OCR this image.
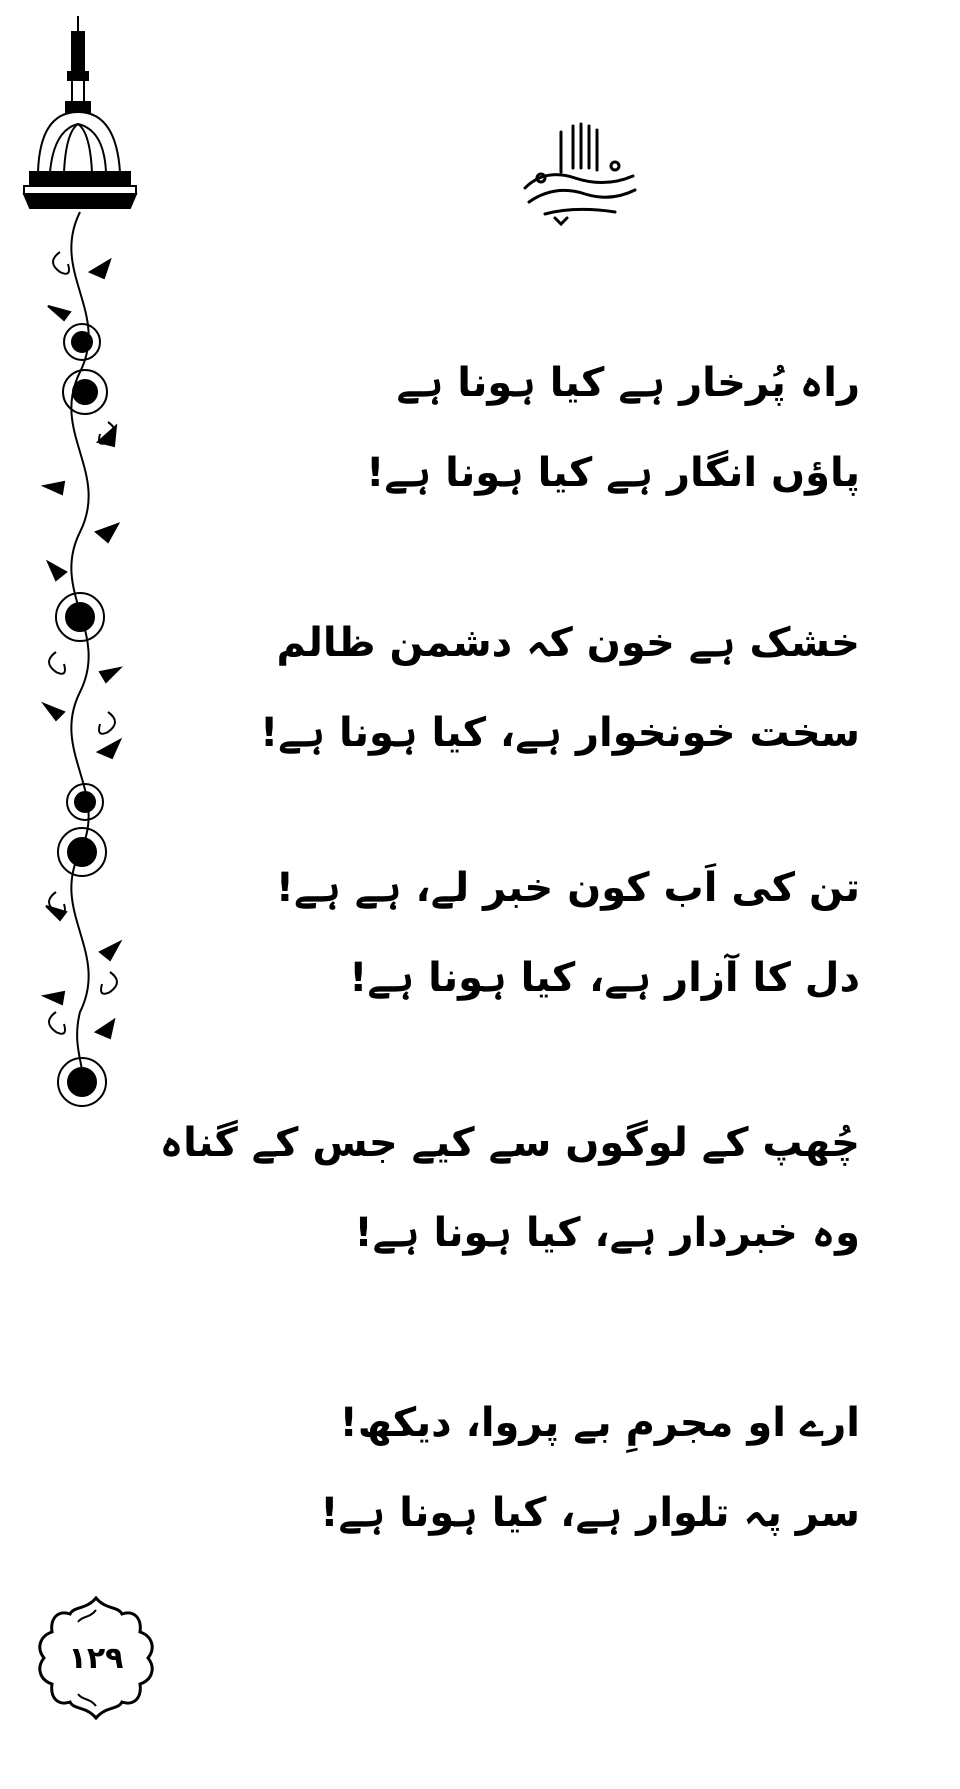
راہ پُرخار ہے کیا ہونا ہے
پاؤں انگار ہے کیا ہونا ہے!
خشک ہے خون کہ دشمن ظالم
سخت خونخوار ہے، کیا ہونا ہے!
تن کی اَب کون خبر لے، ہے ہے!
دل کا آزار ہے، کیا ہونا ہے!
چُھپ کے لوگوں سے کیے جس کے گناہ
وہ خبردار ہے، کیا ہونا ہے!
ارے او مجرمِ بے پروا، دیکھ!
سر پہ تلوار ہے، کیا ہونا ہے!
۱۲۹
